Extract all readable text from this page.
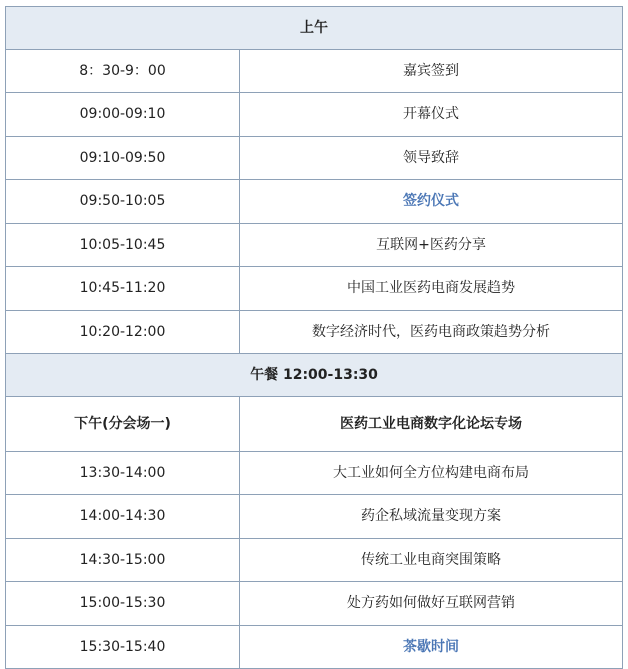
上午	
8：30-9：00	嘉宾签到
09:00-09:10	开幕仪式
09:10-09:50	领导致辞
09:50-10:05	签约仪式
10:05-10:45	互联网+医药分享
10:45-11:20	中国工业医药电商发展趋势
10:20-12:00	数字经济时代，医药电商政策趋势分析
午餐 12:00-13:30	
下午(分会场一)	医药工业电商数字化论坛专场
13:30-14:00	大工业如何全方位构建电商布局
14:00-14:30	药企私域流量变现方案
14:30-15:00	传统工业电商突围策略
15:00-15:30	处方药如何做好互联网营销
15:30-15:40	茶歇时间
